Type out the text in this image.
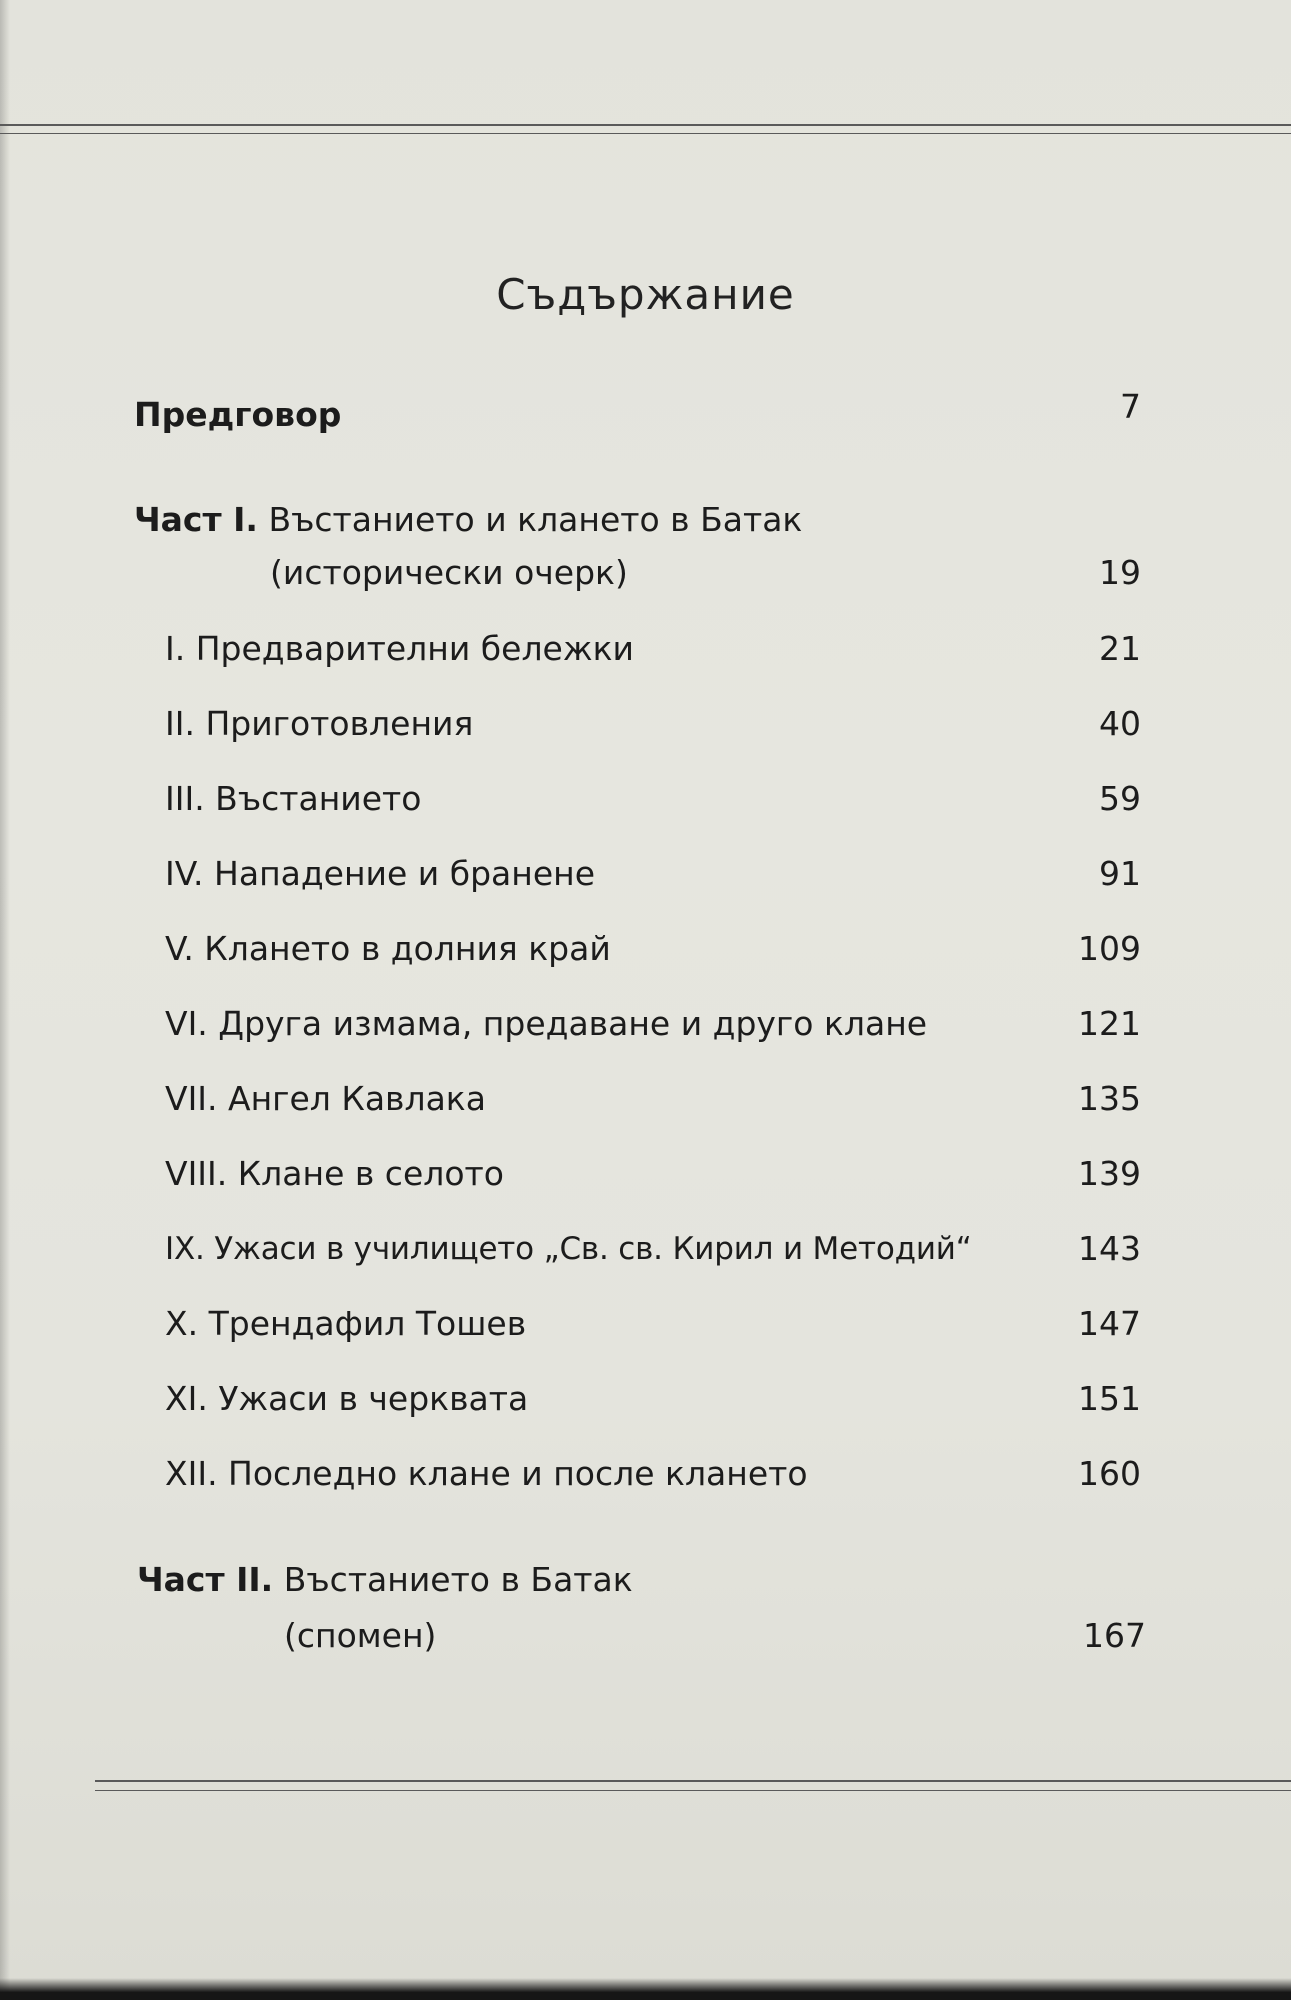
Съдържание
Предговор	7
Част I. Въстанието и клането в Батак
(исторически очерк)	19
I. Предварителни бележки	21
II. Приготовления	40
III. Въстанието	59
IV. Нападение и бранене	91
V. Клането в долния край	109
VI. Друга измама, предаване и друго клане	121
VII. Ангел Кавлака	135
VIII. Клане в селото	139
IX. Ужаси в училището „Св. св. Кирил и Методий“	143
X. Трендафил Тошев	147
XI. Ужаси в черквата	151
XII. Последно клане и после клането	160
Част II. Въстанието в Батак
(спомен)	167
